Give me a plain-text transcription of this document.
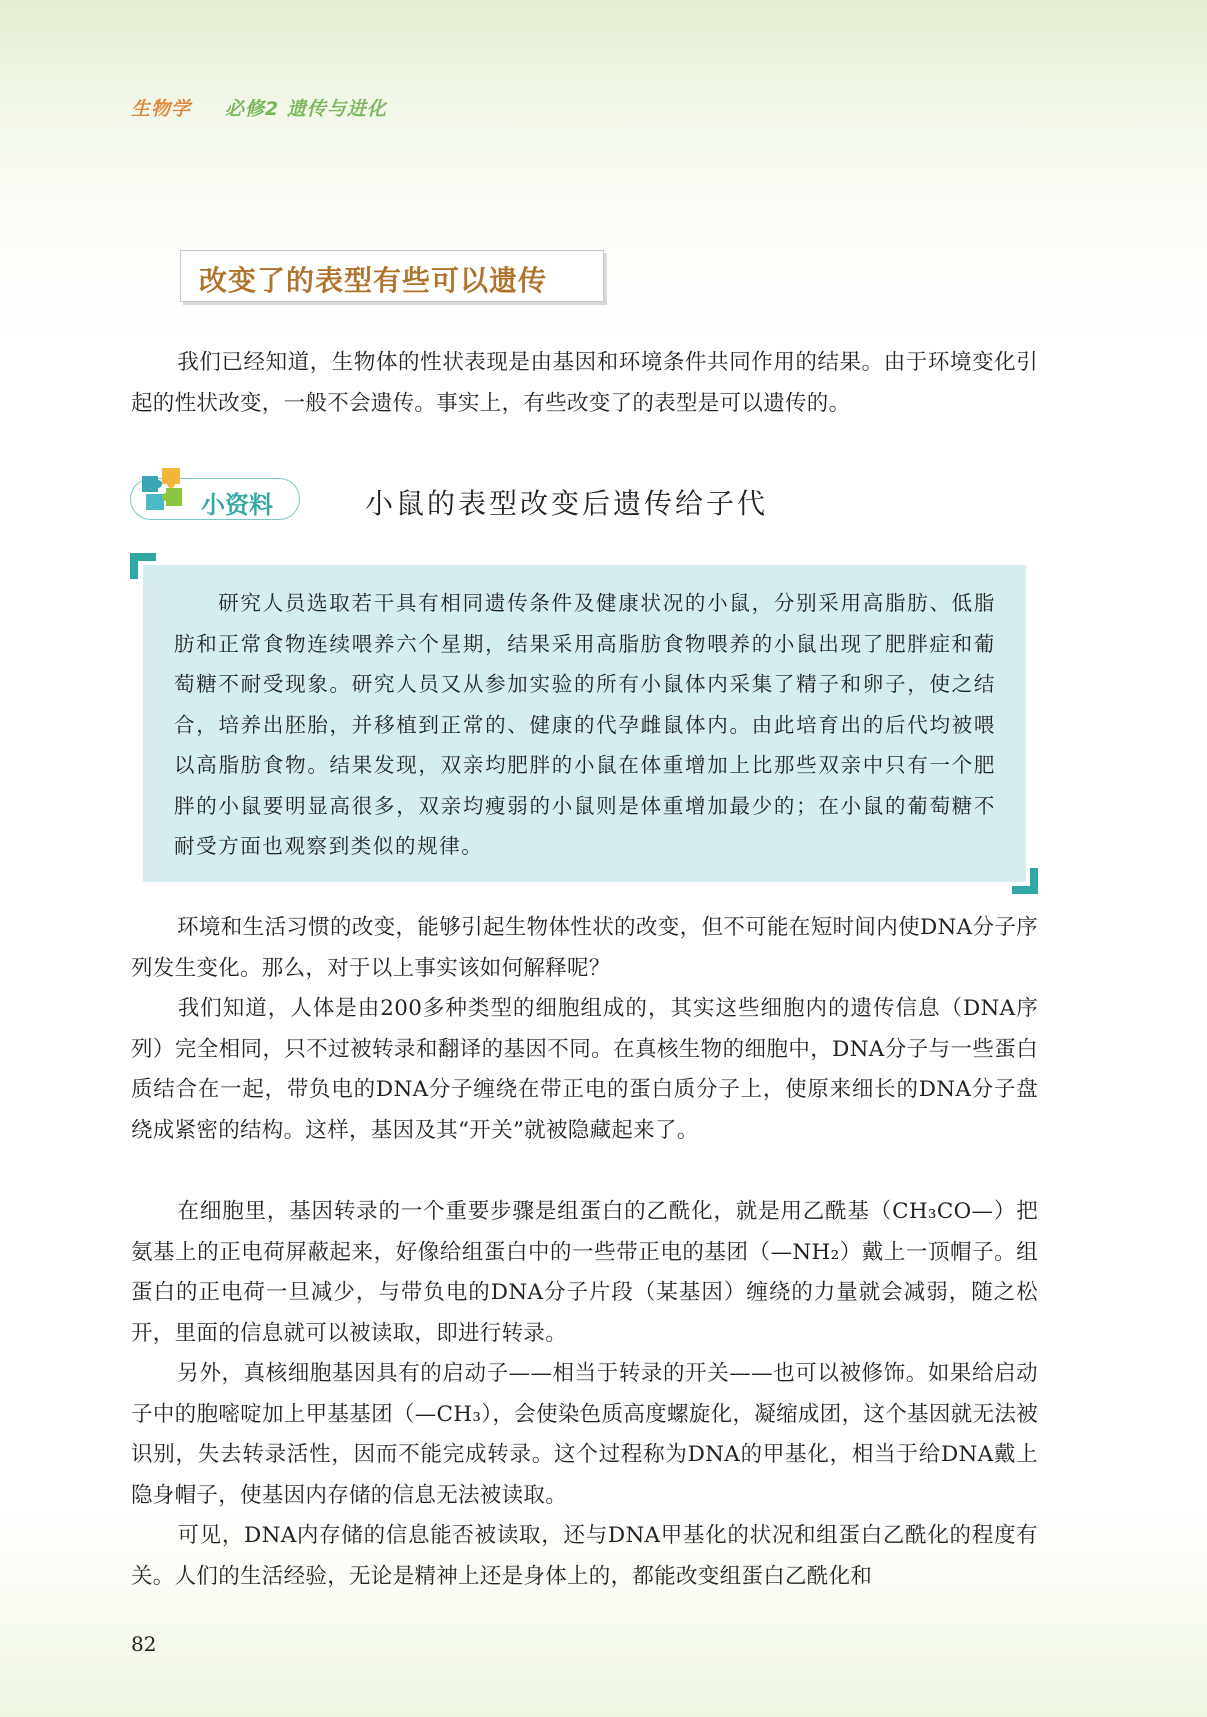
生物学 必修2 遗传与进化
改变了的表型有些可以遗传

我们已经知道，生物体的性状表现是由基因和环境条件共同作用的结果。由于环境变化引起的性状改变，一般不会遗传。事实上，有些改变了的表型是可以遗传的。

小资料	小鼠的表型改变后遗传给子代

研究人员选取若干具有相同遗传条件及健康状况的小鼠，分别采用高脂肪、低脂肪和正常食物连续喂养六个星期，结果采用高脂肪食物喂养的小鼠出现了肥胖症和葡萄糖不耐受现象。研究人员又从参加实验的所有小鼠体内采集了精子和卵子，使之结合，培养出胚胎，并移植到正常的、健康的代孕雌鼠体内。由此培育出的后代均被喂以高脂肪食物。结果发现，双亲均肥胖的小鼠在体重增加上比那些双亲中只有一个肥胖的小鼠要明显高很多，双亲均瘦弱的小鼠则是体重增加最少的；在小鼠的葡萄糖不耐受方面也观察到类似的规律。

环境和生活习惯的改变，能够引起生物体性状的改变，但不可能在短时间内使DNA分子序列发生变化。那么，对于以上事实该如何解释呢？

我们知道，人体是由200多种类型的细胞组成的，其实这些细胞内的遗传信息（DNA序列）完全相同，只不过被转录和翻译的基因不同。在真核生物的细胞中，DNA分子与一些蛋白质结合在一起，带负电的DNA分子缠绕在带正电的蛋白质分子上，使原来细长的DNA分子盘绕成紧密的结构。这样，基因及其“开关”就被隐藏起来了。

在细胞里，基因转录的一个重要步骤是组蛋白的乙酰化，就是用乙酰基（CH₃CO—）把氨基上的正电荷屏蔽起来，好像给组蛋白中的一些带正电的基团（—NH₂）戴上一顶帽子。组蛋白的正电荷一旦减少，与带负电的DNA分子片段（某基因）缠绕的力量就会减弱，随之松开，里面的信息就可以被读取，即进行转录。

另外，真核细胞基因具有的启动子——相当于转录的开关——也可以被修饰。如果给启动子中的胞嘧啶加上甲基基团（—CH₃），会使染色质高度螺旋化，凝缩成团，这个基因就无法被识别，失去转录活性，因而不能完成转录。这个过程称为DNA的甲基化，相当于给DNA戴上隐身帽子，使基因内存储的信息无法被读取。

可见，DNA内存储的信息能否被读取，还与DNA甲基化的状况和组蛋白乙酰化的程度有关。人们的生活经验，无论是精神上还是身体上的，都能改变组蛋白乙酰化和

82
